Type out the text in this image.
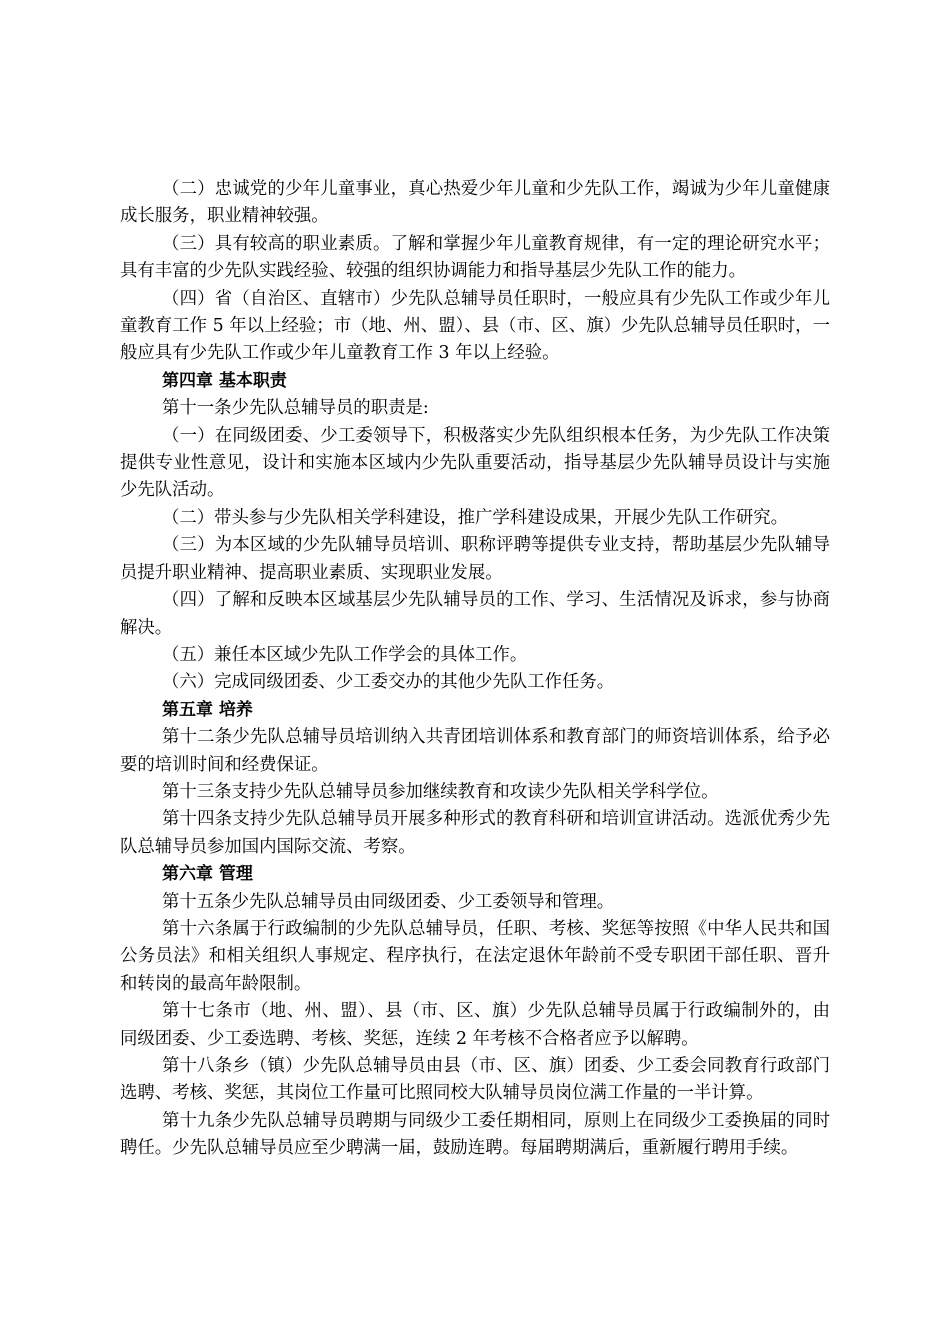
（二）忠诚党的少年儿童事业，真心热爱少年儿童和少先队工作，竭诚为少年儿童健康成长服务，职业精神较强。

（三）具有较高的职业素质。了解和掌握少年儿童教育规律，有一定的理论研究水平；具有丰富的少先队实践经验、较强的组织协调能力和指导基层少先队工作的能力。

（四）省（自治区、直辖市）少先队总辅导员任职时，一般应具有少先队工作或少年儿童教育工作 5 年以上经验；市（地、州、盟）、县（市、区、旗）少先队总辅导员任职时，一般应具有少先队工作或少年儿童教育工作 3 年以上经验。

第四章 基本职责

第十一条少先队总辅导员的职责是:

（一）在同级团委、少工委领导下，积极落实少先队组织根本任务，为少先队工作决策提供专业性意见，设计和实施本区域内少先队重要活动，指导基层少先队辅导员设计与实施少先队活动。

（二）带头参与少先队相关学科建设，推广学科建设成果，开展少先队工作研究。

（三）为本区域的少先队辅导员培训、职称评聘等提供专业支持，帮助基层少先队辅导员提升职业精神、提高职业素质、实现职业发展。

（四）了解和反映本区域基层少先队辅导员的工作、学习、生活情况及诉求，参与协商解决。

（五）兼任本区域少先队工作学会的具体工作。

（六）完成同级团委、少工委交办的其他少先队工作任务。

第五章 培养

第十二条少先队总辅导员培训纳入共青团培训体系和教育部门的师资培训体系，给予必要的培训时间和经费保证。

第十三条支持少先队总辅导员参加继续教育和攻读少先队相关学科学位。

第十四条支持少先队总辅导员开展多种形式的教育科研和培训宣讲活动。选派优秀少先队总辅导员参加国内国际交流、考察。

第六章 管理

第十五条少先队总辅导员由同级团委、少工委领导和管理。

第十六条属于行政编制的少先队总辅导员，任职、考核、奖惩等按照《中华人民共和国公务员法》和相关组织人事规定、程序执行，在法定退休年龄前不受专职团干部任职、晋升和转岗的最高年龄限制。

第十七条市（地、州、盟）、县（市、区、旗）少先队总辅导员属于行政编制外的，由同级团委、少工委选聘、考核、奖惩，连续 2 年考核不合格者应予以解聘。

第十八条乡（镇）少先队总辅导员由县（市、区、旗）团委、少工委会同教育行政部门选聘、考核、奖惩，其岗位工作量可比照同校大队辅导员岗位满工作量的一半计算。

第十九条少先队总辅导员聘期与同级少工委任期相同，原则上在同级少工委换届的同时聘任。少先队总辅导员应至少聘满一届，鼓励连聘。每届聘期满后，重新履行聘用手续。
